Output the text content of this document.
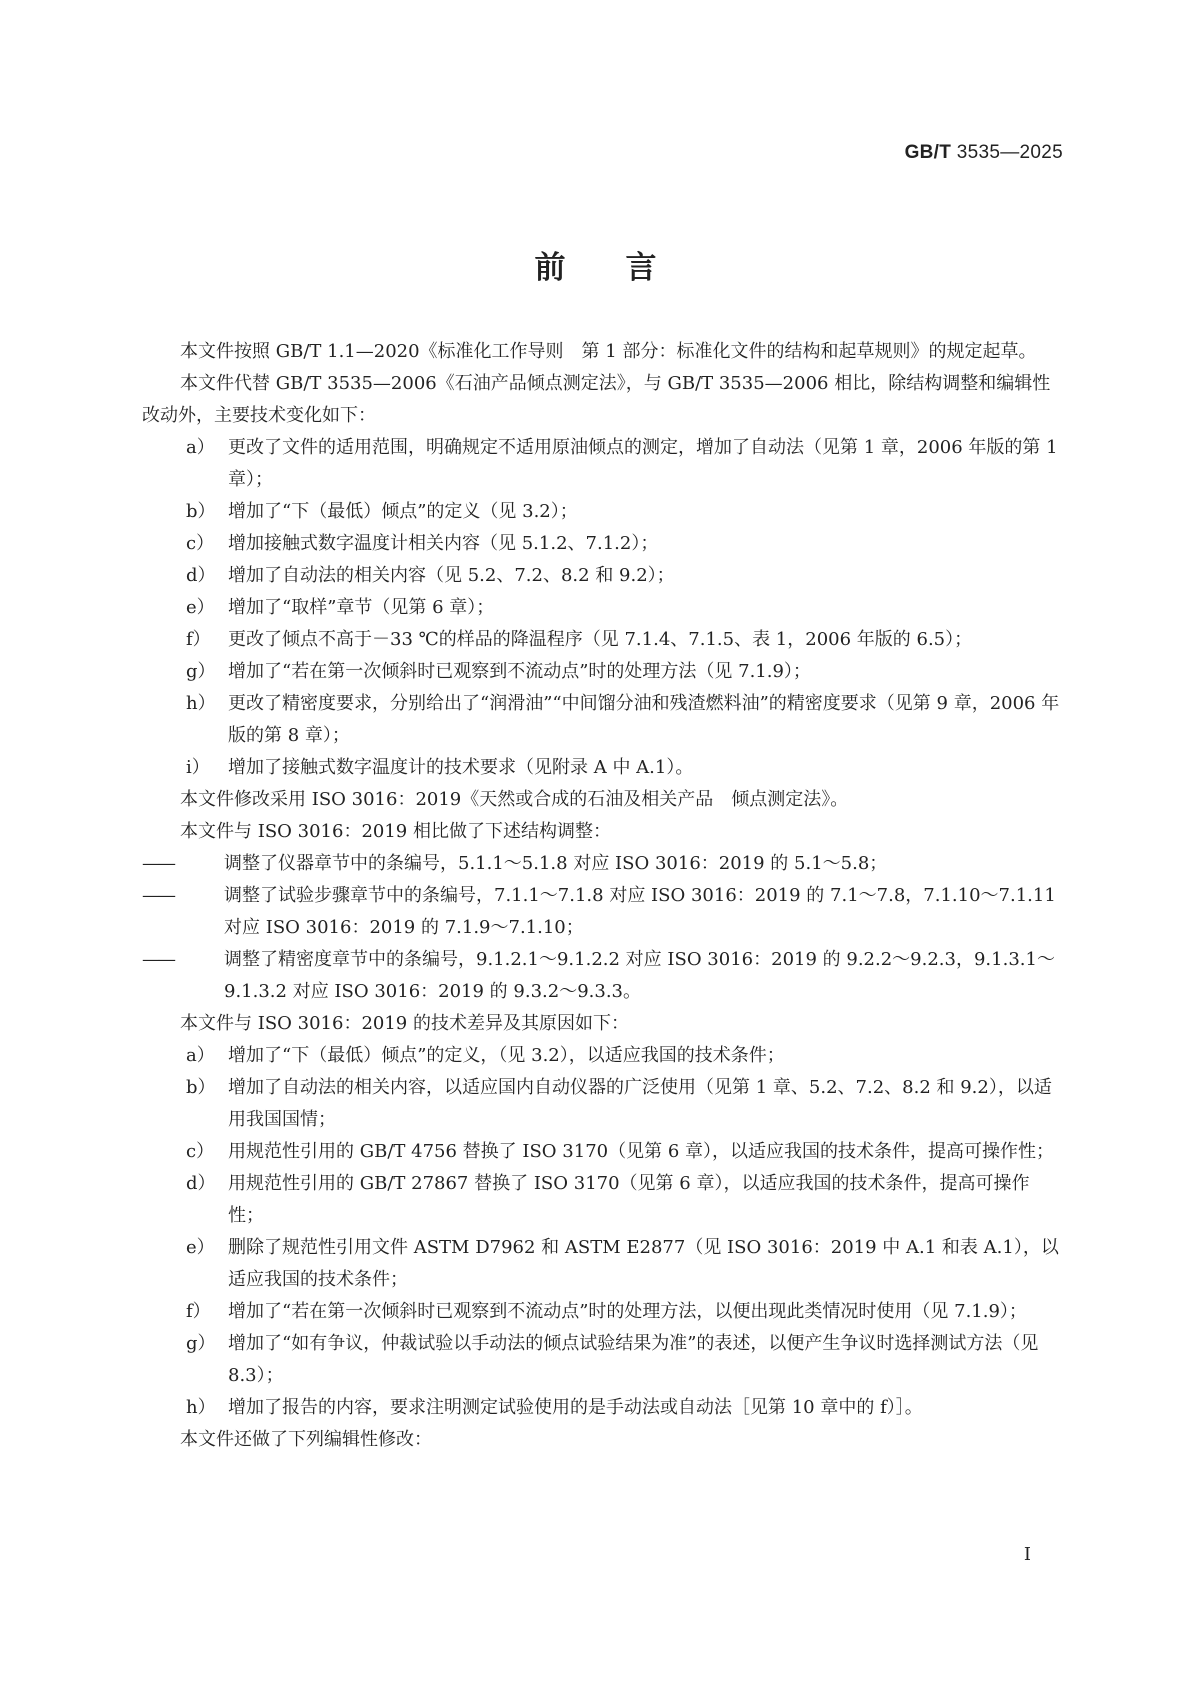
GB/T 3535—2025
前言

本文件按照 GB/T 1.1—2020《标准化工作导则　第 1 部分：标准化文件的结构和起草规则》的规定起草。

本文件代替 GB/T 3535—2006《石油产品倾点测定法》，与 GB/T 3535—2006 相比，除结构调整和编辑性改动外，主要技术变化如下：

a） 更改了文件的适用范围，明确规定不适用原油倾点的测定，增加了自动法（见第 1 章，2006 年版的第 1 章）；
b） 增加了“下（最低）倾点”的定义（见 3.2）；
c） 增加接触式数字温度计相关内容（见 5.1.2、7.1.2）；
d） 增加了自动法的相关内容（见 5.2、7.2、8.2 和 9.2）；
e） 增加了“取样”章节（见第 6 章）；
f） 更改了倾点不高于－33 ℃的样品的降温程序（见 7.1.4、7.1.5、表 1，2006 年版的 6.5）；
g） 增加了“若在第一次倾斜时已观察到不流动点”时的处理方法（见 7.1.9）；
h） 更改了精密度要求，分别给出了“润滑油”“中间馏分油和残渣燃料油”的精密度要求（见第 9 章，2006 年版的第 8 章）；
i）	增加了接触式数字温度计的技术要求（见附录 A 中 A.1）。

本文件修改采用 ISO 3016：2019《天然或合成的石油及相关产品　倾点测定法》。

本文件与 ISO 3016：2019 相比做了下述结构调整：

——	调整了仪器章节中的条编号，5.1.1～5.1.8 对应 ISO 3016：2019 的 5.1～5.8；
——	调整了试验步骤章节中的条编号，7.1.1～7.1.8 对应 ISO 3016：2019 的 7.1～7.8，7.1.10～7.1.11 对应 ISO 3016：2019 的 7.1.9～7.1.10；
——	调整了精密度章节中的条编号，9.1.2.1～9.1.2.2 对应 ISO 3016：2019 的 9.2.2～9.2.3，9.1.3.1～9.1.3.2 对应 ISO 3016：2019 的 9.3.2～9.3.3。

本文件与 ISO 3016：2019 的技术差异及其原因如下：

a） 增加了“下（最低）倾点”的定义，（见 3.2），以适应我国的技术条件；
b） 增加了自动法的相关内容，以适应国内自动仪器的广泛使用（见第 1 章、5.2、7.2、8.2 和 9.2），以适用我国国情；
c） 用规范性引用的 GB/T 4756 替换了 ISO 3170（见第 6 章），以适应我国的技术条件，提高可操作性；
d） 用规范性引用的 GB/T 27867 替换了 ISO 3170（见第 6 章），以适应我国的技术条件，提高可操作性；
e） 删除了规范性引用文件 ASTM D7962 和 ASTM E2877（见 ISO 3016：2019 中 A.1 和表 A.1），以适应我国的技术条件；
f） 增加了“若在第一次倾斜时已观察到不流动点”时的处理方法，以便出现此类情况时使用（见 7.1.9）；
g） 增加了“如有争议，仲裁试验以手动法的倾点试验结果为准”的表述，以便产生争议时选择测试方法（见 8.3）；
h） 增加了报告的内容，要求注明测定试验使用的是手动法或自动法［见第 10 章中的 f）］。

本文件还做了下列编辑性修改：

I
